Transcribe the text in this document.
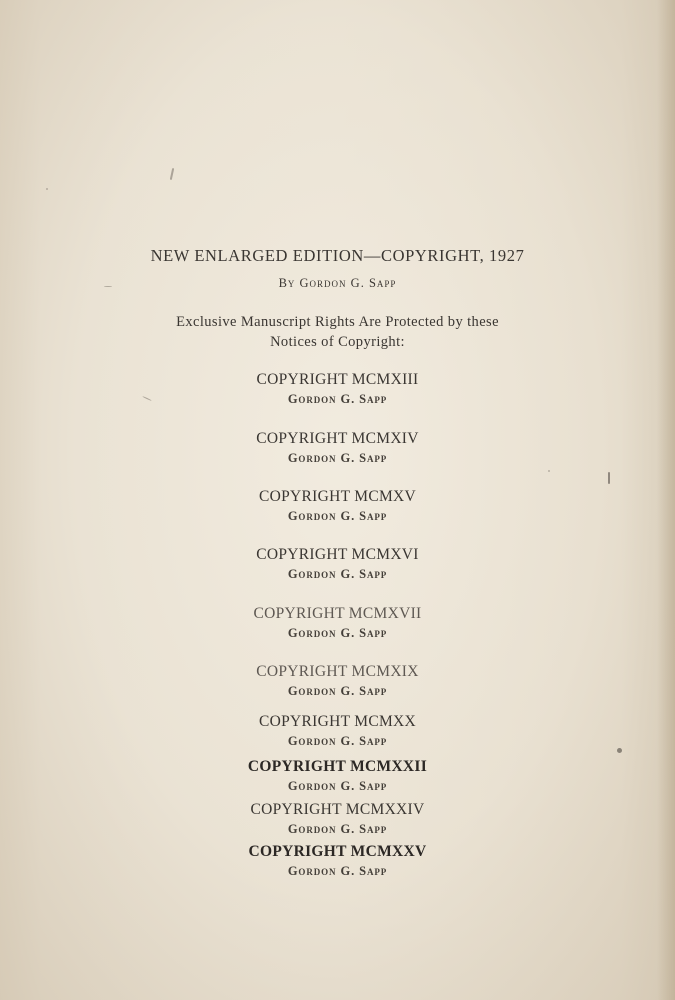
NEW ENLARGED EDITION—COPYRIGHT, 1927

By Gordon G. Sapp

Exclusive Manuscript Rights Are Protected by these

Notices of Copyright:

COPYRIGHT MCMXIII
Gordon G. Sapp
COPYRIGHT MCMXIV
Gordon G. Sapp
COPYRIGHT MCMXV
Gordon G. Sapp
COPYRIGHT MCMXVI
Gordon G. Sapp
COPYRIGHT MCMXVII
Gordon G. Sapp
COPYRIGHT MCMXIX
Gordon G. Sapp
COPYRIGHT MCMXX
Gordon G. Sapp
COPYRIGHT MCMXXII
Gordon G. Sapp
COPYRIGHT MCMXXIV
Gordon G. Sapp
COPYRIGHT MCMXXV
Gordon G. Sapp
